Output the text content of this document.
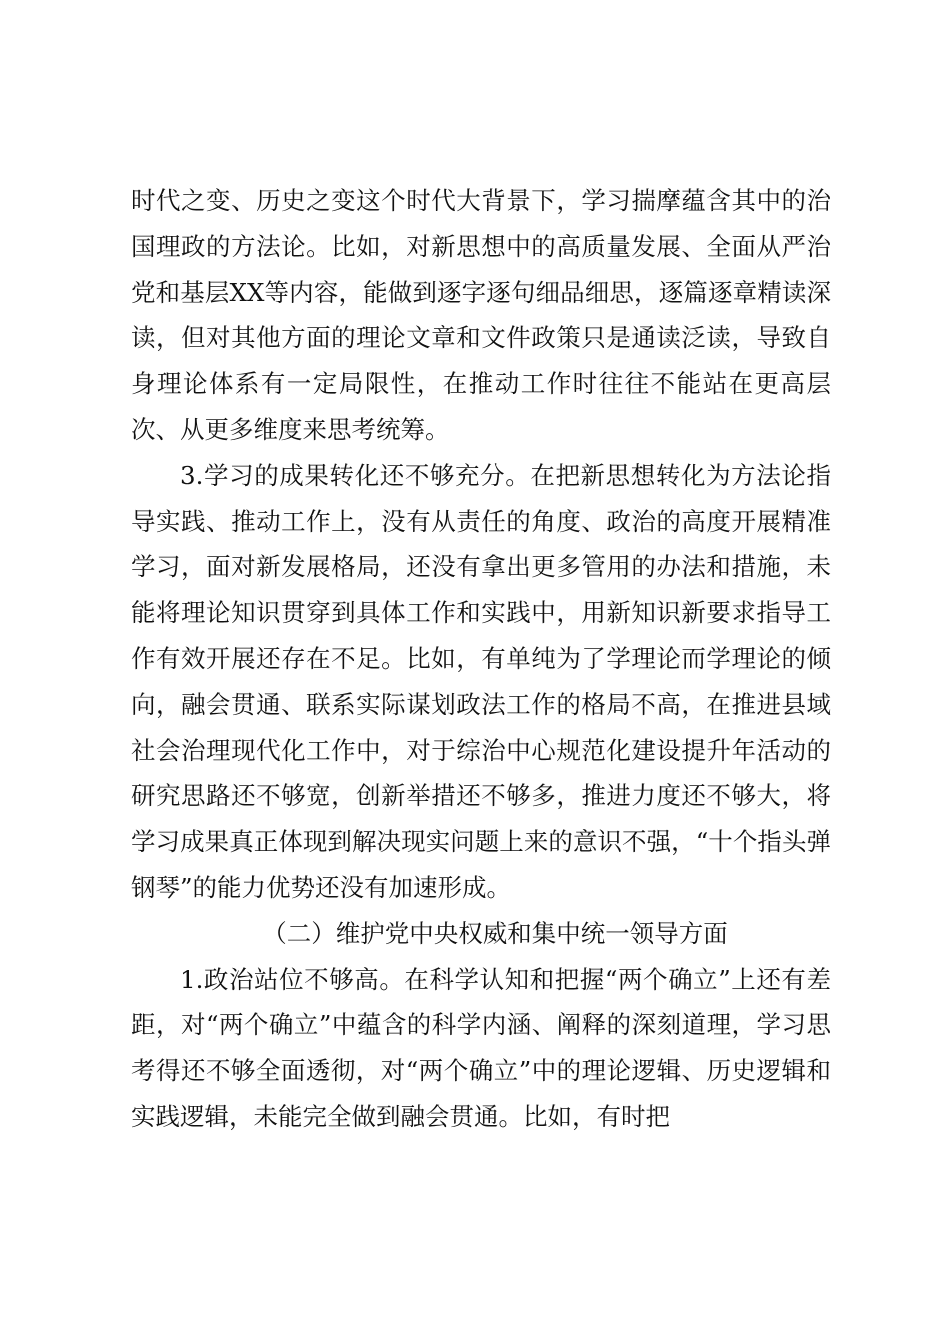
时代之变、历史之变这个时代大背景下，学习揣摩蕴含其中的治国理政的方法论。比如，对新思想中的高质量发展、全面从严治党和基层XX等内容，能做到逐字逐句细品细思，逐篇逐章精读深读，但对其他方面的理论文章和文件政策只是通读泛读，导致自身理论体系有一定局限性，在推动工作时往往不能站在更高层次、从更多维度来思考统筹。

3.学习的成果转化还不够充分。在把新思想转化为方法论指导实践、推动工作上，没有从责任的角度、政治的高度开展精准学习，面对新发展格局，还没有拿出更多管用的办法和措施，未能将理论知识贯穿到具体工作和实践中，用新知识新要求指导工作有效开展还存在不足。比如，有单纯为了学理论而学理论的倾向，融会贯通、联系实际谋划政法工作的格局不高，在推进县域社会治理现代化工作中，对于综治中心规范化建设提升年活动的研究思路还不够宽，创新举措还不够多，推进力度还不够大，将学习成果真正体现到解决现实问题上来的意识不强，“十个指头弹钢琴”的能力优势还没有加速形成。

（二）维护党中央权威和集中统一领导方面

1.政治站位不够高。在科学认知和把握“两个确立”上还有差距，对“两个确立”中蕴含的科学内涵、阐释的深刻道理，学习思考得还不够全面透彻，对“两个确立”中的理论逻辑、历史逻辑和实践逻辑，未能完全做到融会贯通。比如，有时把
